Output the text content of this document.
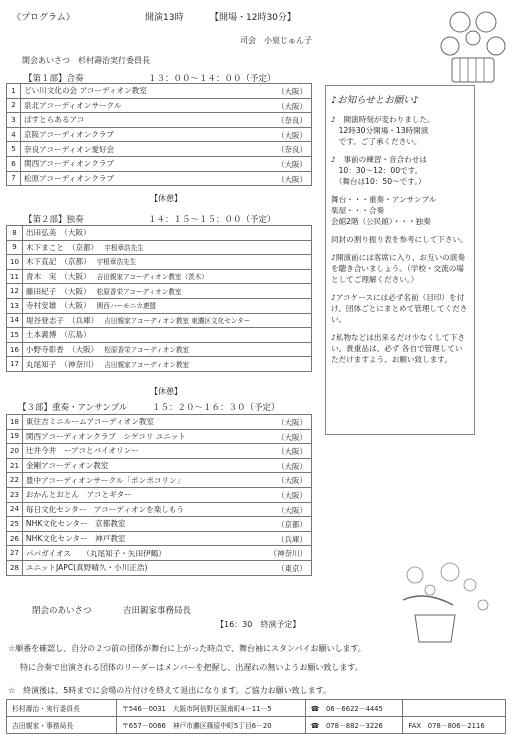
《プログラム》	開演13時	【開場・12時30分】
司会　小泉じゅん子
開会あいさつ　杉村壽治実行委員長
【第１部】合奏	１３：００～１４：００（予定）
1	どい川文化の会 アコーディオン教室 （大阪）

2	泉北アコーディオンサークル （大阪）

3	ぱすとらあるアコ （奈良）

4	京阪アコーディオンクラブ （大阪）

5	奈良アコーディオン愛好会 （奈良）

6	関西アコーディオンクラブ （大阪）

7	松原アコーディオンクラブ （大阪）
【休憩】
【第２部】独奏	１４：１５～１５：００（予定）
8	出田弘美 （大阪）
9	木下まこと （京都） 宇根章浩先生
10	木下直記 （京都） 宇根章浩先生
11	青木　実 （大阪） 吉田親家アコーディオン教室（茨木）
12	藤田紀子 （大阪） 松原香栄アコーディオン教室
13	寺村安雄 （大阪） 関西ハーモニカ連盟
14	堤谷登志子 （兵庫） 吉田親家アコーディオン教室 東灘区文化センター
15	土本義博 （広島）
16	小野寺彰香 （大阪） 松原香栄アコーディオン教室
17	丸尾知子 （神奈川） 吉田親家アコーディオン教室
【休憩】
【３部】重奏・アンサンブル	１５：２０～１６：３０（予定）
18	東住吉ミニルームアコーディオン教室 （大阪）

19	関西アコーディオンクラブ　シゲコリ ユニット （大阪）

20	辻井今井　ーアコとバイオリンー （大阪）

21	金剛アコーディオン教室 （大阪）

22	豊中アコーディオンサークル「ポンポコリン」 （大阪）

23	おかんとおとん　アコとギター （大阪）

24	毎日文化センター　アコーディオンを楽しもう （大阪）

25	NHK文化センター　京都教室 （京都）

26	NHK文化センター　神戸教室 （兵庫）

27	パパガイオス　　（丸尾知子・矢田伊鶴） （神奈川）

28	ユニットJAPC(真野晴久・小川正浩) （東京）
♪お知らせとお願い♪
♪　開演時刻が変わりました。
　12時30分開場・13時開演
　です。ご了承ください。
♪　事前の練習・音合わせは
　10：30～12：00です。
　（舞台は10：50～です。）
舞台・・・重奏・アンサンブル
楽屋・・・合奏
会館2階（公民館）・・・独奏
同封の割り振り表を参考にして下さい。
♪開演前には客席に入り、お互いの演奏を聴き合いましょう。（学校・交流の場としてご理解ください。）
♪アコケースには必ず名前（目印）を付け、団体ごとにまとめて管理してください。
♪私物などは出来るだけ少なくして下さい。貴重品は、必ず 各自で管理していただけますよう、お願い致します。
閉会のあいさつ	吉田親家事務局長
【16：30　終演予定】
☆順番を確認し、自分の２つ前の団体が舞台に上がった時点で、舞台袖にスタンバイお願いします。
特に合奏で出演される団体のリーダーはメンバーを把握し、出遅れの無いようお願い致します。
☆　終演後は、5時までに会場の片付けを終えて退出になります。ご協力お願い致します。
杉村壽治・実行委員長	〒546－0031　大阪市阿倍野区阪南町4－11－5	☎　06－6622－4445	
吉田親家・事務局長	〒657－0066　神戸市灘区篠原中町5丁目6－20	☎　078－882－3226	FAX　078－806－2116
